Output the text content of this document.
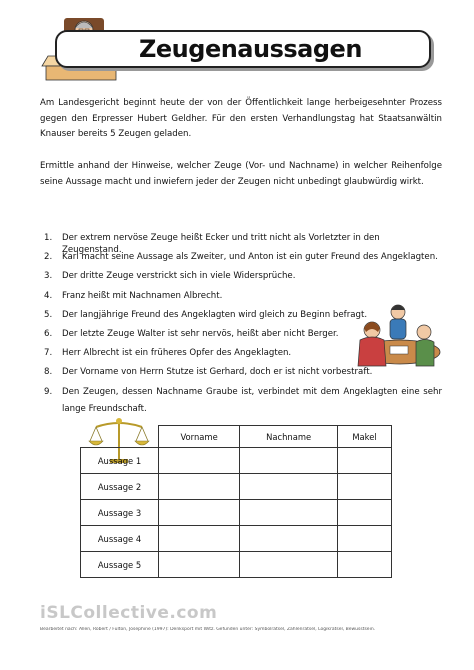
Zeugenaussagen

Am Landesgericht beginnt heute der von der Öffentlichkeit lange herbeigesehnter Prozess gegen den Erpresser Hubert Geldher. Für den ersten Verhandlungstag hat Staatsanwältin Knauser bereits 5 Zeugen geladen.

Ermittle anhand der Hinweise, welcher Zeuge (Vor- und Nachname) in welcher Reihenfolge seine Aussage macht und inwiefern jeder der Zeugen nicht unbedingt glaubwürdig wirkt.

1. Der extrem nervöse Zeuge heißt Ecker und tritt nicht als Vorletzter in den Zeugenstand.
2. Karl macht seine Aussage als Zweiter, und Anton ist ein guter Freund des Angeklagten.
3. Der dritte Zeuge verstrickt sich in viele Widersprüche.
4. Franz heißt mit Nachnamen Albrecht.
5. Der langjährige Freund des Angeklagten wird gleich zu Beginn befragt.
6. Der letzte Zeuge Walter ist sehr nervös, heißt aber nicht Berger.
7. Herr Albrecht ist ein früheres Opfer des Angeklagten.
8. Der Vorname von Herrn Stutze ist Gerhard, doch er ist nicht vorbestraft.
9. Den Zeugen, dessen Nachname Graube ist, verbindet mit dem Angeklagten eine sehr lange Freundschaft.
	Vorname	Nachname	Makel
Aussage 1			
Aussage 2			
Aussage 3			
Aussage 4			
Aussage 5			
iSLCollective.com
Bearbeitet nach: Allen, Robert / Fulton, Josephine (1997): Denksport mit Witz. Gefunden unter: Symbolrätsel, Zahlenrätsel, Logikrätsel, Bewusstsein.
